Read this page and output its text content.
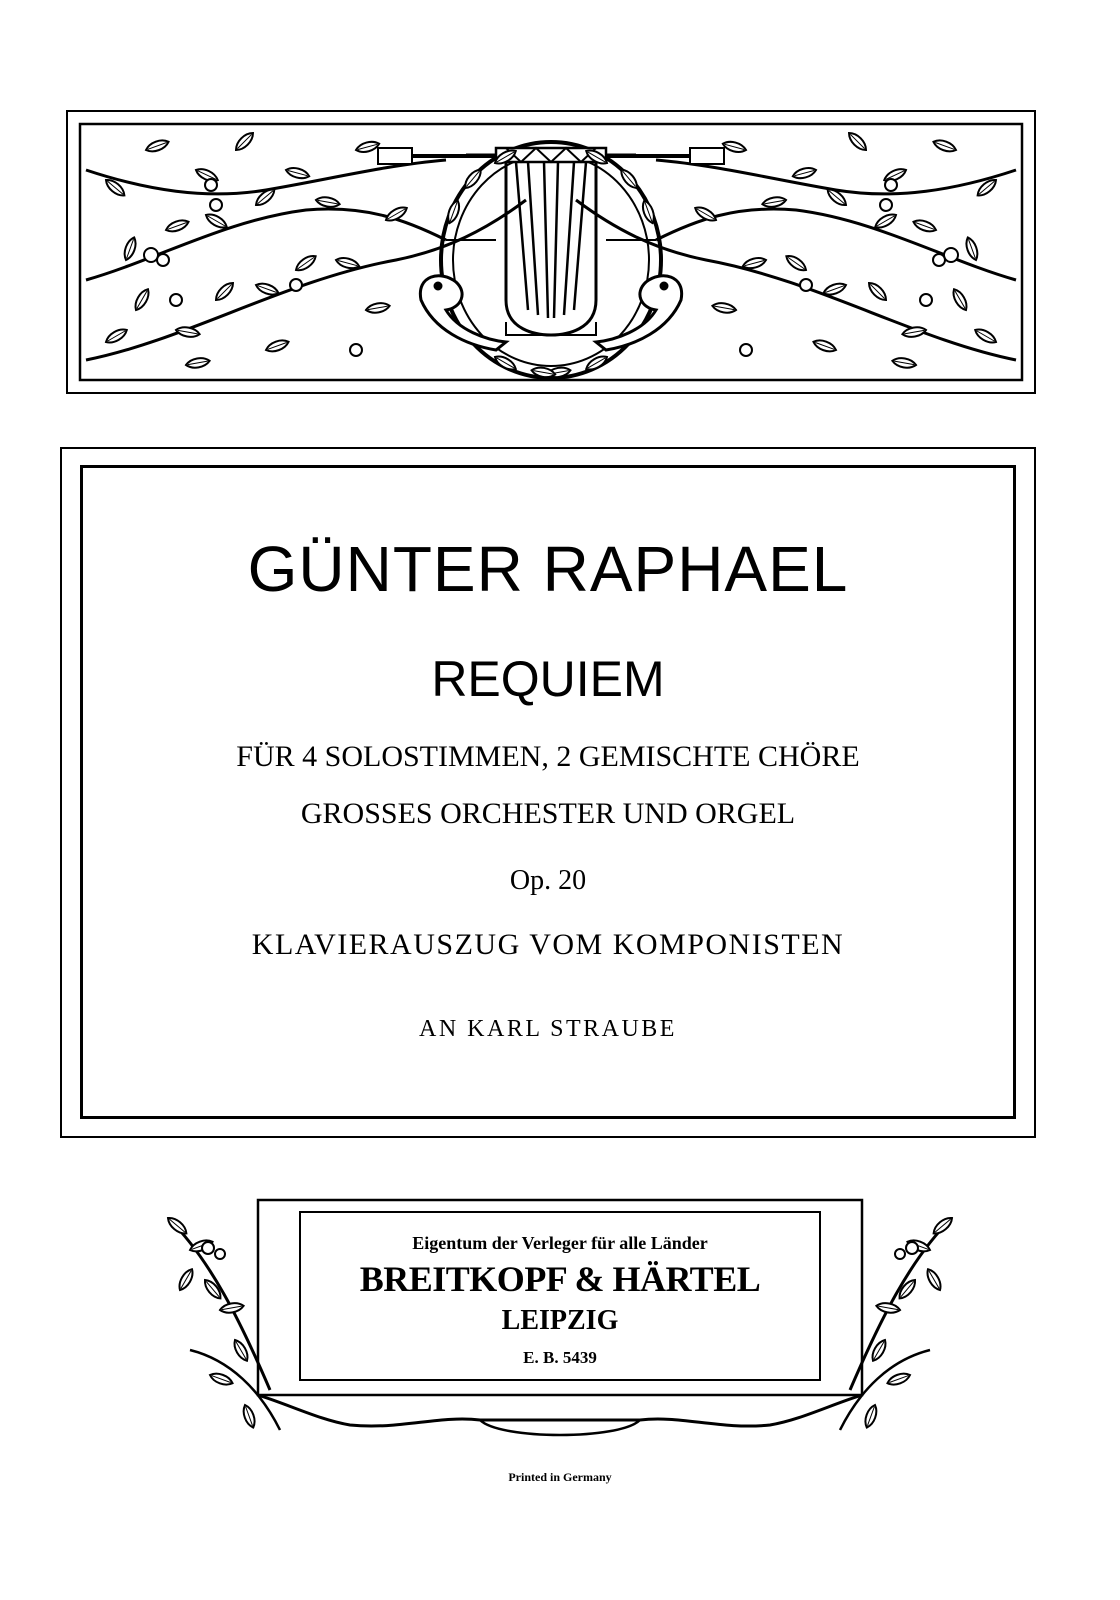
GÜNTER RAPHAEL
REQUIEM
FÜR 4 SOLOSTIMMEN, 2 GEMISCHTE CHÖRE
GROSSES ORCHESTER UND ORGEL
Op. 20
KLAVIERAUSZUG VOM KOMPONISTEN
AN KARL STRAUBE
Eigentum der Verleger für alle Länder
BREITKOPF & HÄRTEL
LEIPZIG
E. B. 5439
Printed in Germany
